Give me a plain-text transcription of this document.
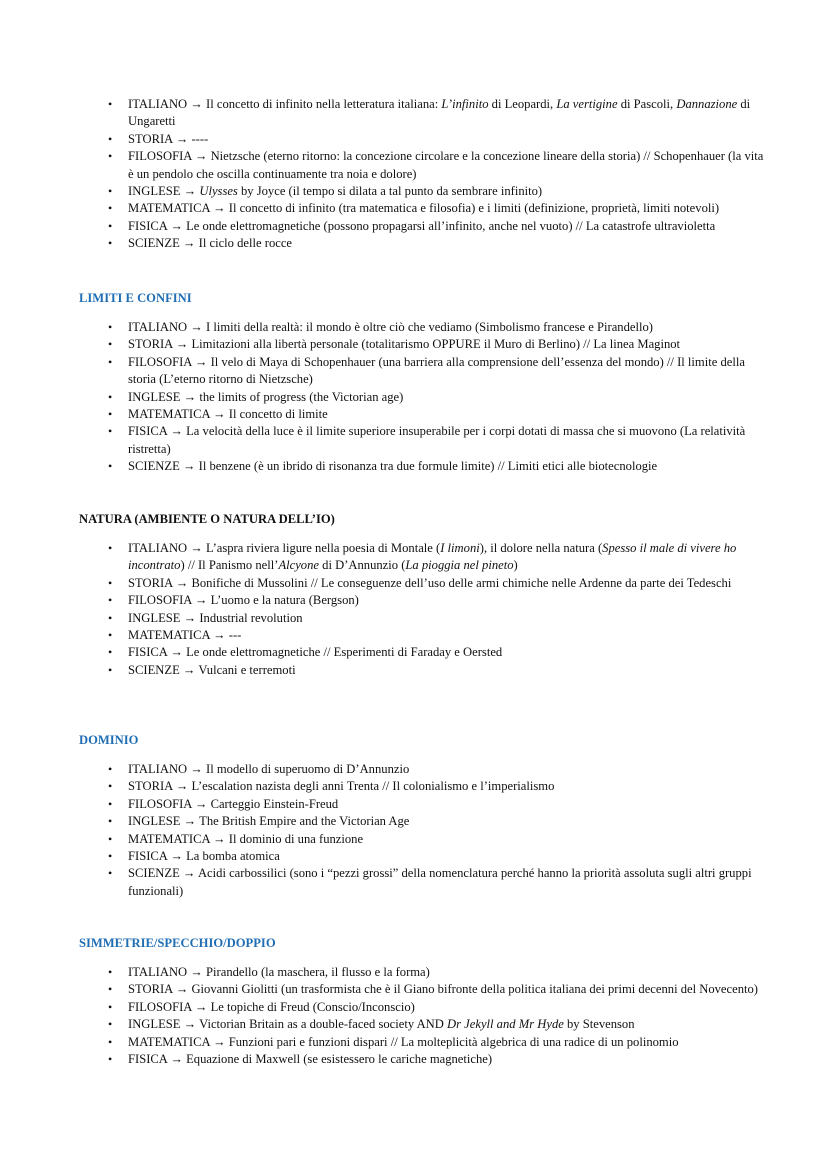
• ITALIANO → Il concetto di infinito nella letteratura italiana: L’infinito di Leopardi, La vertigine di Pascoli, Dannazione di Ungaretti
• STORIA → ----
• FILOSOFIA → Nietzsche (eterno ritorno: la concezione circolare e la concezione lineare della storia) // Schopenhauer (la vita è un pendolo che oscilla continuamente tra noia e dolore)
• INGLESE → Ulysses by Joyce (il tempo si dilata a tal punto da sembrare infinito)
• MATEMATICA → Il concetto di infinito (tra matematica e filosofia) e i limiti (definizione, proprietà, limiti notevoli)
• FISICA → Le onde elettromagnetiche (possono propagarsi all’infinito, anche nel vuoto) // La catastrofe ultravioletta
• SCIENZE → Il ciclo delle rocce
LIMITI E CONFINI
• ITALIANO → I limiti della realtà: il mondo è oltre ciò che vediamo (Simbolismo francese e Pirandello)
• STORIA → Limitazioni alla libertà personale (totalitarismo OPPURE il Muro di Berlino) // La linea Maginot
• FILOSOFIA → Il velo di Maya di Schopenhauer (una barriera alla comprensione dell’essenza del mondo) // Il limite della storia (L’eterno ritorno di Nietzsche)
• INGLESE → the limits of progress (the Victorian age)
• MATEMATICA → Il concetto di limite
• FISICA → La velocità della luce è il limite superiore insuperabile per i corpi dotati di massa che si muovono (La relatività ristretta)
• SCIENZE → Il benzene (è un ibrido di risonanza tra due formule limite) // Limiti etici alle biotecnologie
NATURA (AMBIENTE O NATURA DELL’IO)
• ITALIANO → L’aspra riviera ligure nella poesia di Montale (I limoni), il dolore nella natura (Spesso il male di vivere ho incontrato) // Il Panismo nell’Alcyone di D’Annunzio (La pioggia nel pineto)
• STORIA → Bonifiche di Mussolini // Le conseguenze dell’uso delle armi chimiche nelle Ardenne da parte dei Tedeschi
• FILOSOFIA → L’uomo e la natura (Bergson)
• INGLESE → Industrial revolution
• MATEMATICA → ---
• FISICA → Le onde elettromagnetiche // Esperimenti di Faraday e Oersted
• SCIENZE → Vulcani e terremoti
DOMINIO
• ITALIANO → Il modello di superuomo di D’Annunzio
• STORIA → L’escalation nazista degli anni Trenta // Il colonialismo e l’imperialismo
• FILOSOFIA → Carteggio Einstein-Freud
• INGLESE → The British Empire and the Victorian Age
• MATEMATICA → Il dominio di una funzione
• FISICA → La bomba atomica
• SCIENZE → Acidi carbossilici (sono i “pezzi grossi” della nomenclatura perché hanno la priorità assoluta sugli altri gruppi funzionali)
SIMMETRIE/SPECCHIO/DOPPIO
• ITALIANO → Pirandello (la maschera, il flusso e la forma)
• STORIA → Giovanni Giolitti (un trasformista che è il Giano bifronte della politica italiana dei primi decenni del Novecento)
• FILOSOFIA → Le topiche di Freud (Conscio/Inconscio)
• INGLESE → Victorian Britain as a double-faced society AND Dr Jekyll and Mr Hyde by Stevenson
• MATEMATICA → Funzioni pari e funzioni dispari // La molteplicità algebrica di una radice di un polinomio
• FISICA → Equazione di Maxwell (se esistessero le cariche magnetiche)
